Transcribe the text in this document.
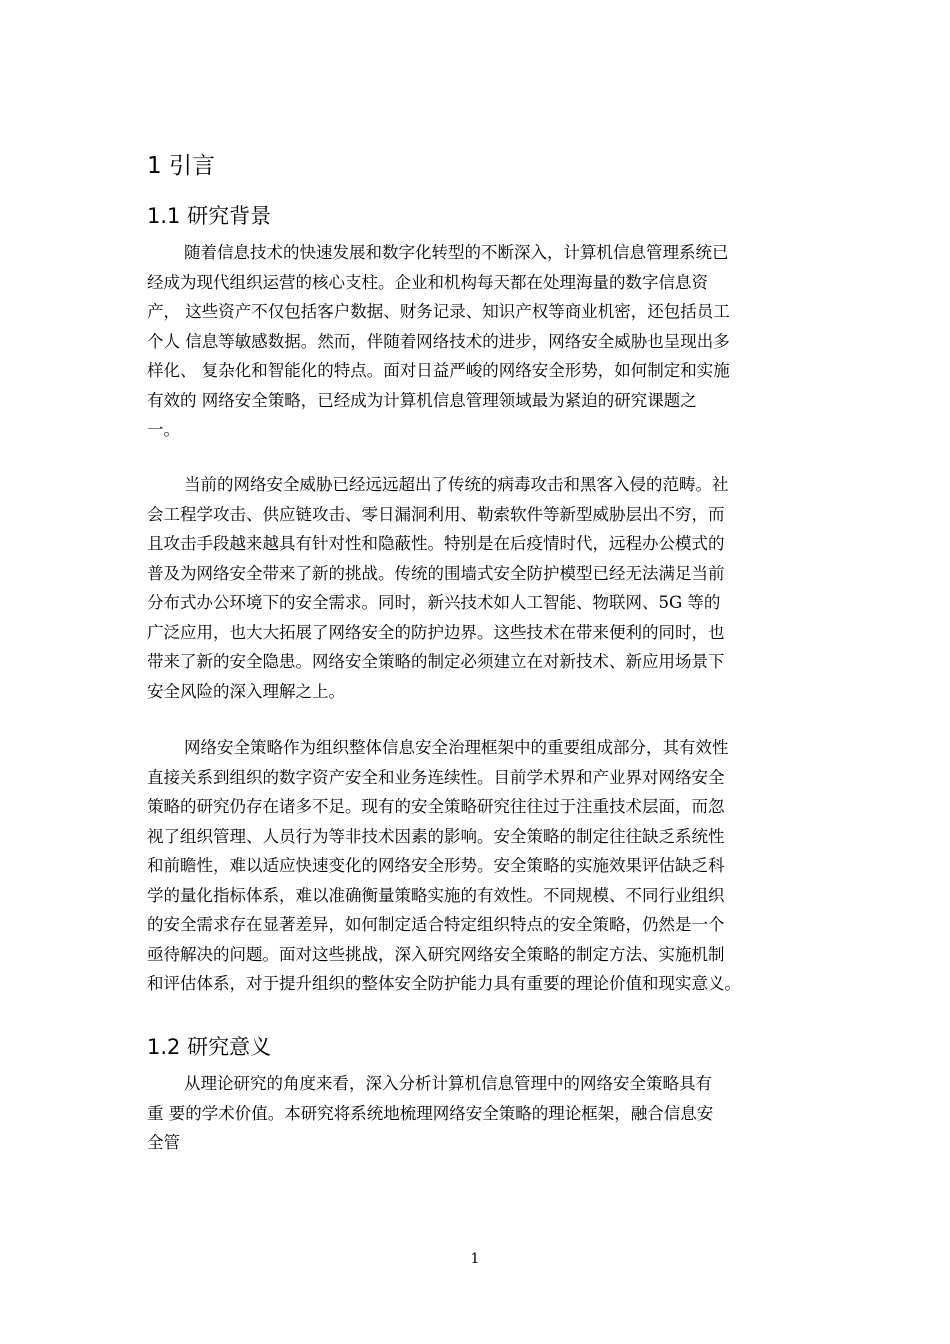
1 引言
1.1 研究背景
随着信息技术的快速发展和数字化转型的不断深入，计算机信息管理系统已
经成为现代组织运营的核心支柱。企业和机构每天都在处理海量的数字信息资
产， 这些资产不仅包括客户数据、财务记录、知识产权等商业机密，还包括员工
个人 信息等敏感数据。然而，伴随着网络技术的进步，网络安全威胁也呈现出多
样化、 复杂化和智能化的特点。面对日益严峻的网络安全形势，如何制定和实施
有效的 网络安全策略，已经成为计算机信息管理领域最为紧迫的研究课题之
一。
当前的网络安全威胁已经远远超出了传统的病毒攻击和黑客入侵的范畴。社
会工程学攻击、供应链攻击、零日漏洞利用、勒索软件等新型威胁层出不穷，而
且攻击手段越来越具有针对性和隐蔽性。特别是在后疫情时代，远程办公模式的
普及为网络安全带来了新的挑战。传统的围墙式安全防护模型已经无法满足当前
分布式办公环境下的安全需求。同时，新兴技术如人工智能、物联网、5G 等的
广泛应用，也大大拓展了网络安全的防护边界。这些技术在带来便利的同时，也
带来了新的安全隐患。网络安全策略的制定必须建立在对新技术、新应用场景下
安全风险的深入理解之上。
网络安全策略作为组织整体信息安全治理框架中的重要组成部分，其有效性
直接关系到组织的数字资产安全和业务连续性。目前学术界和产业界对网络安全
策略的研究仍存在诸多不足。现有的安全策略研究往往过于注重技术层面，而忽
视了组织管理、人员行为等非技术因素的影响。安全策略的制定往往缺乏系统性
和前瞻性，难以适应快速变化的网络安全形势。安全策略的实施效果评估缺乏科
学的量化指标体系，难以准确衡量策略实施的有效性。不同规模、不同行业组织
的安全需求存在显著差异，如何制定适合特定组织特点的安全策略，仍然是一个
亟待解决的问题。面对这些挑战，深入研究网络安全策略的制定方法、实施机制
和评估体系，对于提升组织的整体安全防护能力具有重要的理论价值和现实意义。
1.2 研究意义
从理论研究的角度来看，深入分析计算机信息管理中的网络安全策略具有
重 要的学术价值。本研究将系统地梳理网络安全策略的理论框架，融合信息安
全管
1
